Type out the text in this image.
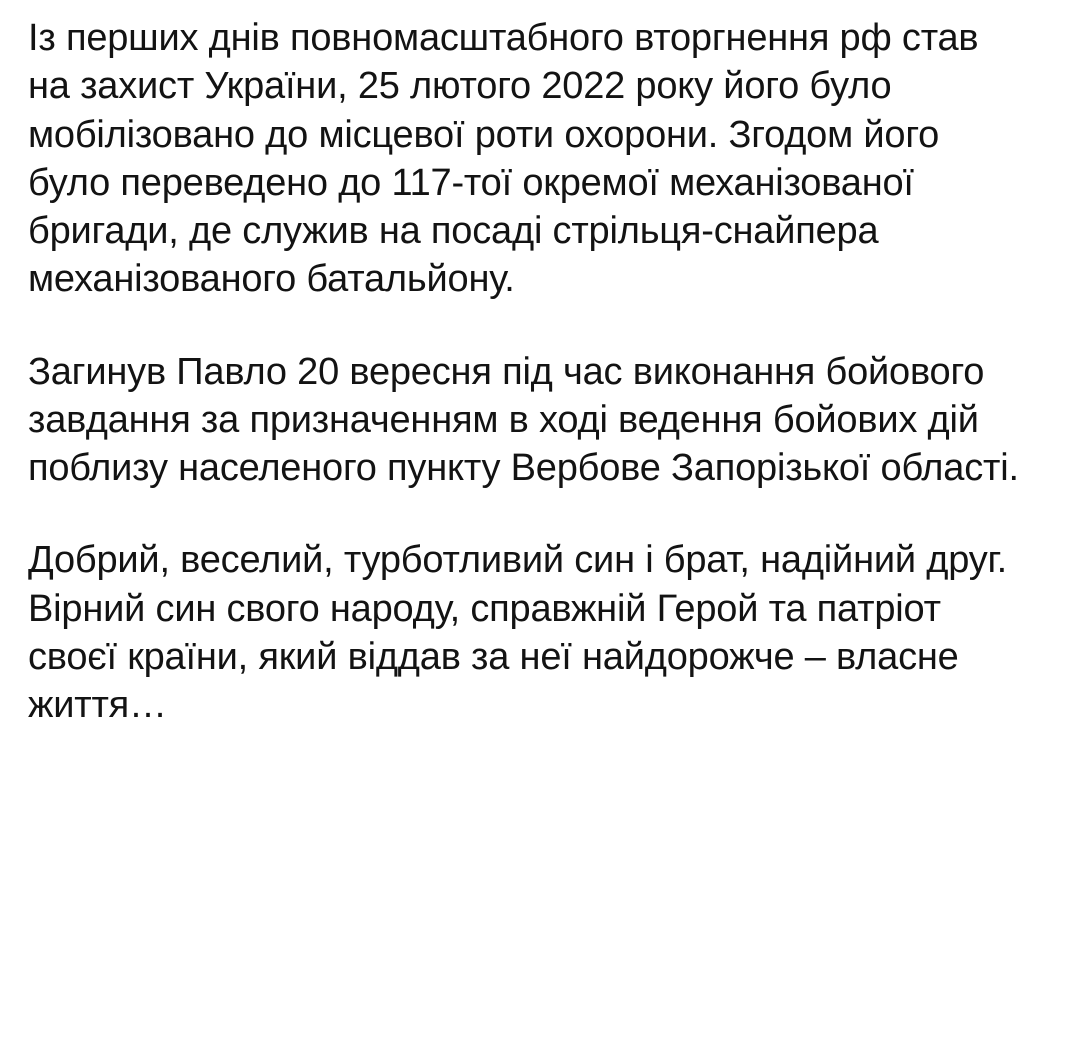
Із перших днів повномасштабного вторгнення рф став на захист України, 25 лютого 2022 року його було мобілізовано до місцевої роти охорони. Згодом його було переведено до 117-тої окремої механізованої  бригади, де служив на посаді стрільця-снайпера  механізованого батальйону.

Загинув Павло 20 вересня під час виконання бойового завдання за призначенням в ході ведення бойових дій поблизу населеного пункту Вербове Запорізької області.

Добрий, веселий, турботливий син і брат, надійний друг. Вірний син свого народу, справжній Герой та патріот своєї країни, який віддав за неї найдорожче – власне життя…
